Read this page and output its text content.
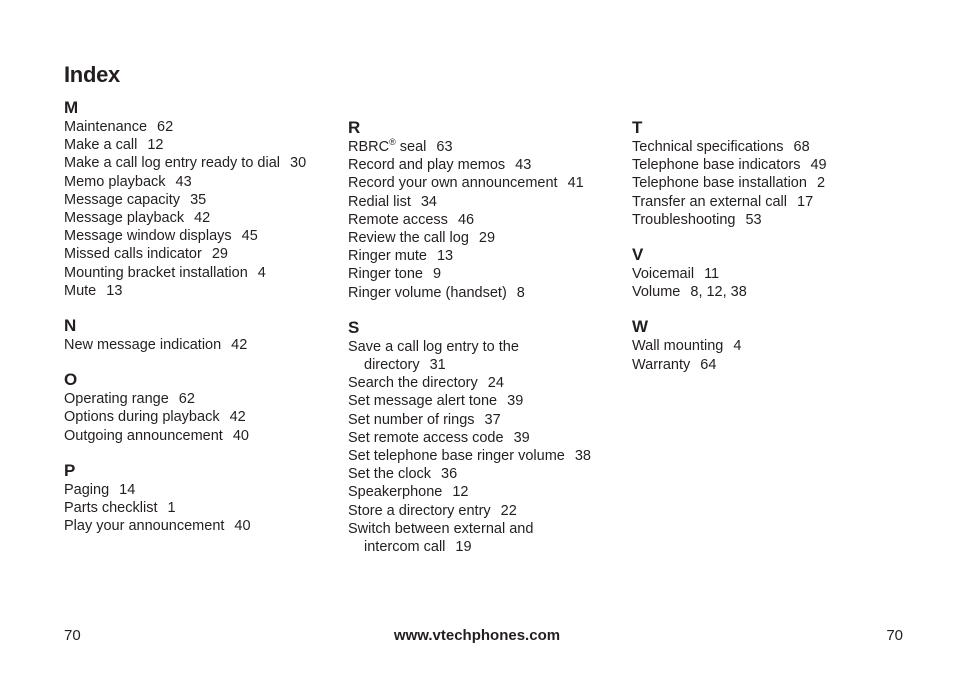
Index
M
Maintenance 62
Make a call 12
Make a call log entry ready to dial 30
Memo playback 43
Message capacity 35
Message playback 42
Message window displays 45
Missed calls indicator 29
Mounting bracket installation 4
Mute 13
N
New message indication 42
O
Operating range 62
Options during playback 42
Outgoing announcement 40
P
Paging 14
Parts checklist 1
Play your announcement 40
R
RBRC® seal 63
Record and play memos 43
Record your own announcement 41
Redial list 34
Remote access 46
Review the call log 29
Ringer mute 13
Ringer tone 9
Ringer volume (handset) 8
S
Save a call log entry to the
directory 31
Search the directory 24
Set message alert tone 39
Set number of rings 37
Set remote access code 39
Set telephone base ringer volume 38
Set the clock 36
Speakerphone 12
Store a directory entry 22
Switch between external and
intercom call 19
T
Technical specifications 68
Telephone base indicators 49
Telephone base installation 2
Transfer an external call 17
Troubleshooting 53
V
Voicemail 11
Volume 8, 12, 38
W
Wall mounting 4
Warranty 64
70	www.vtechphones.com	70
